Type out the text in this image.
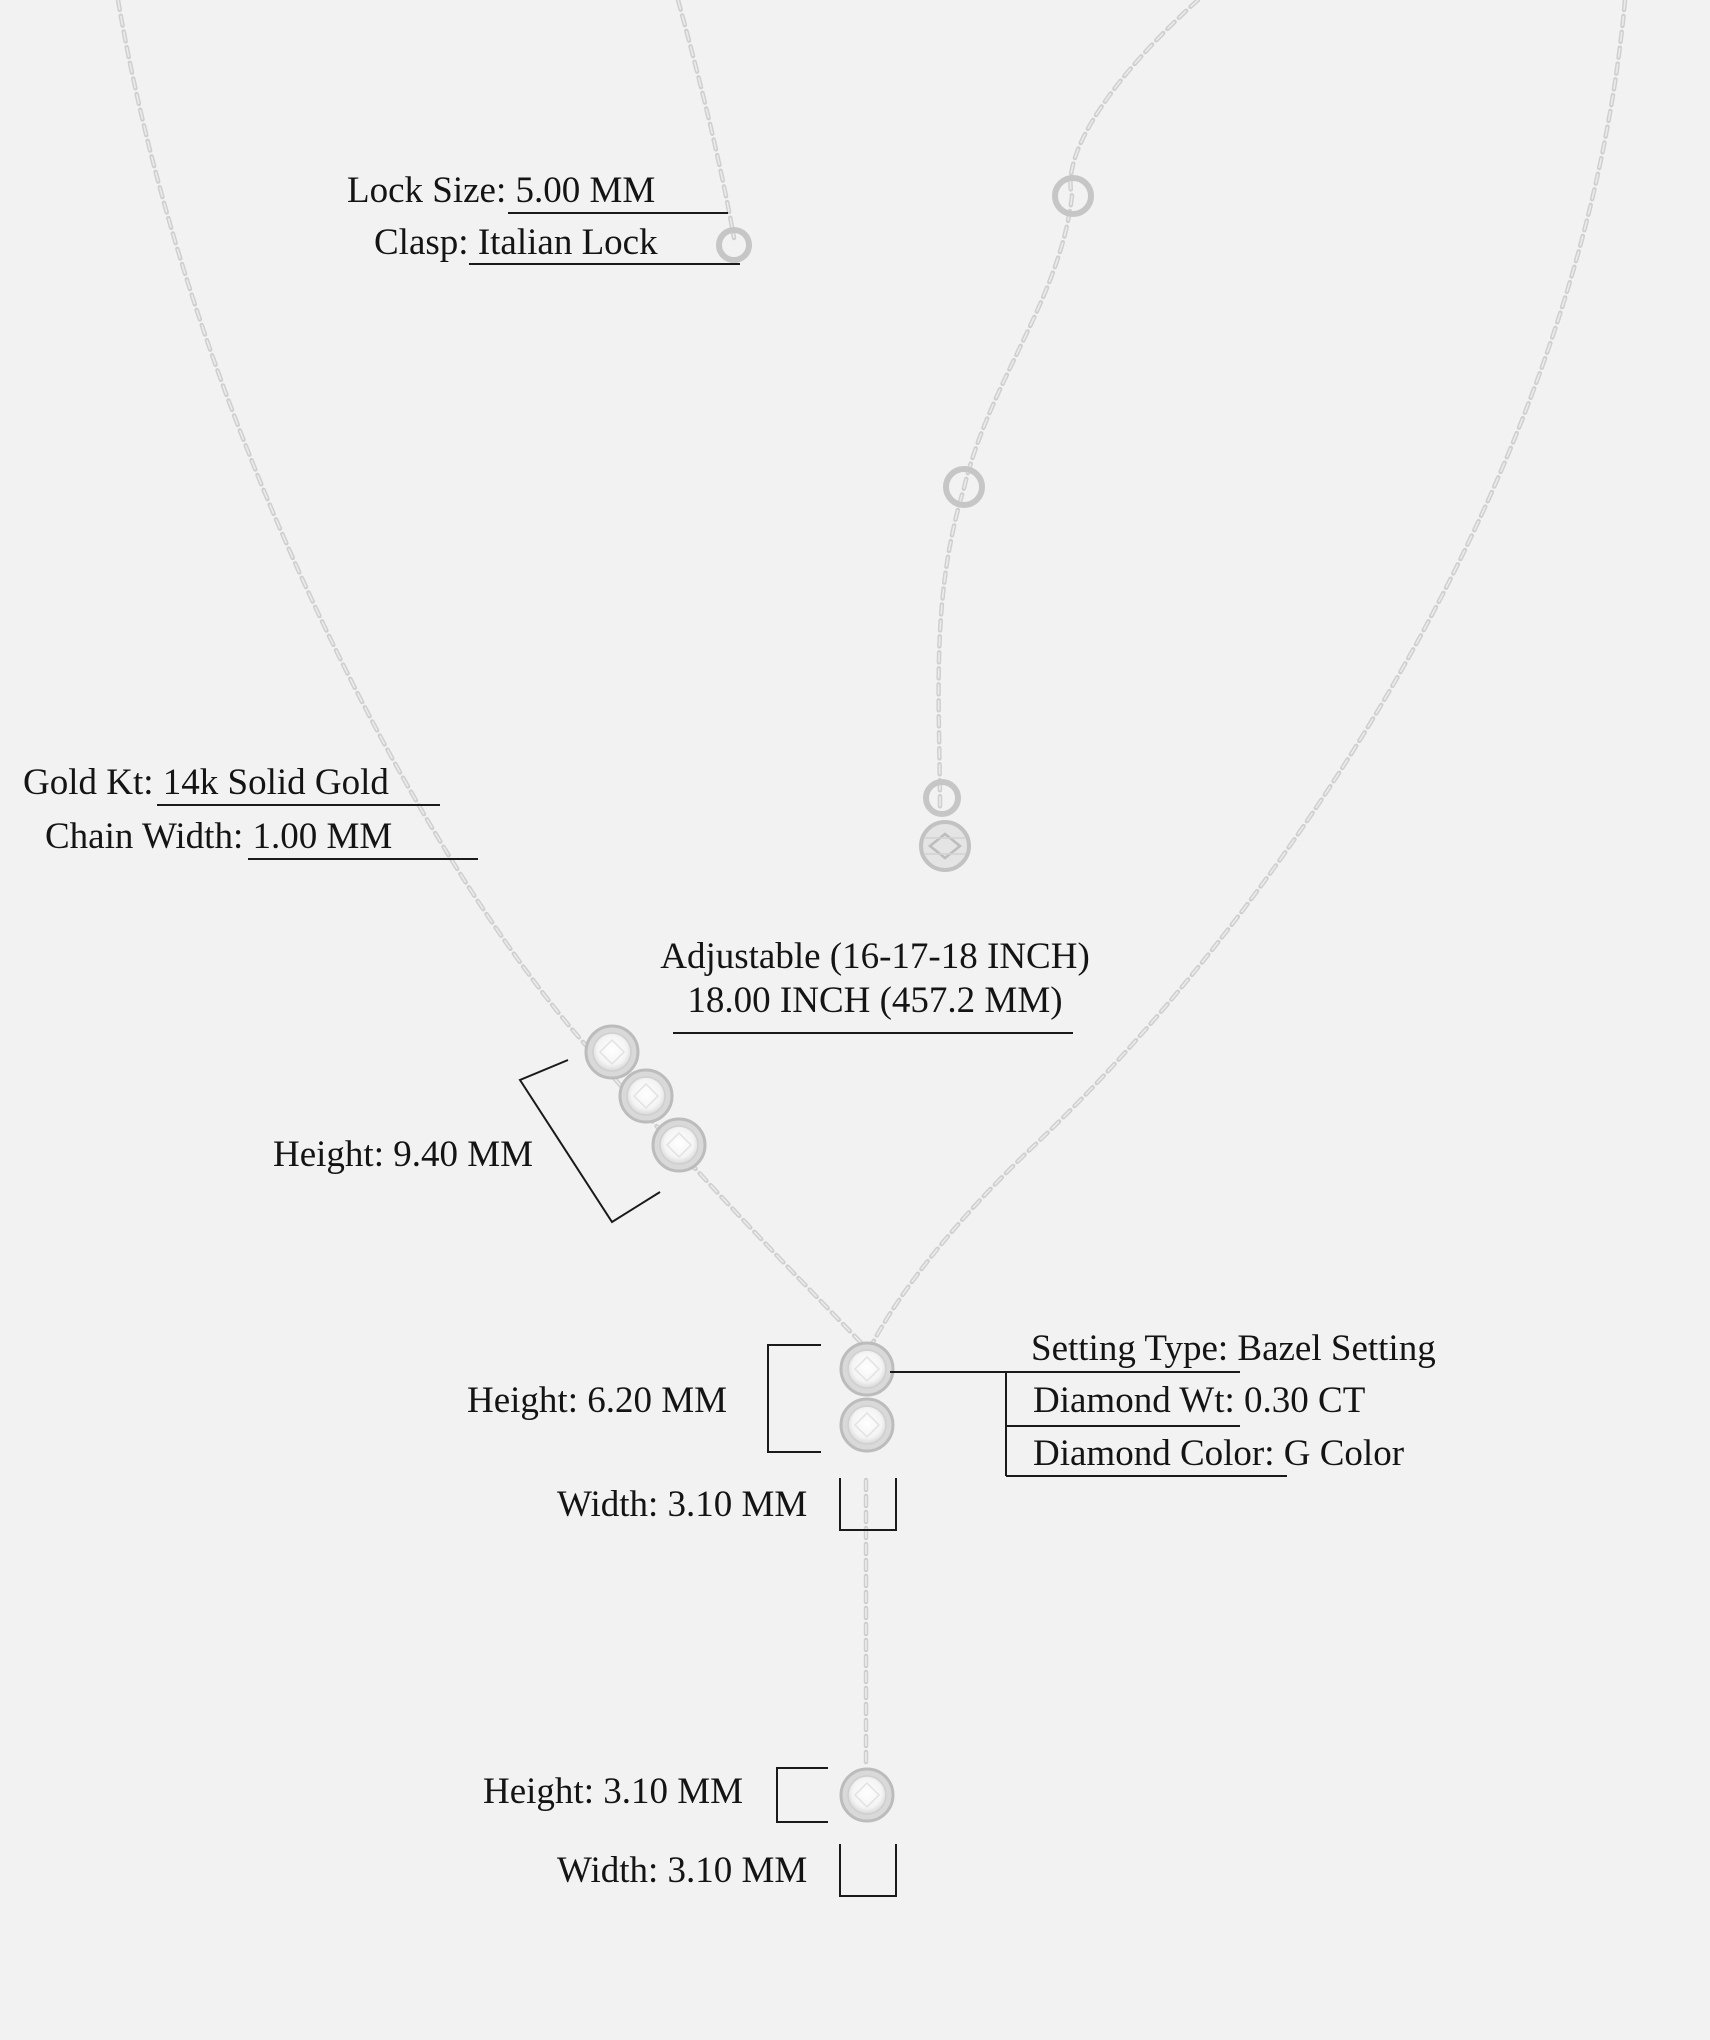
Lock Size: 5.00 MM
Clasp: Italian Lock
Gold Kt: 14k Solid Gold
Chain Width: 1.00 MM
Adjustable (16-17-18 INCH)
18.00 INCH (457.2 MM)
Height: 9.40 MM
Height: 6.20 MM
Width: 3.10 MM
Setting Type: Bazel Setting
Diamond Wt: 0.30 CT
Diamond Color: G Color
Height: 3.10 MM
Width: 3.10 MM
